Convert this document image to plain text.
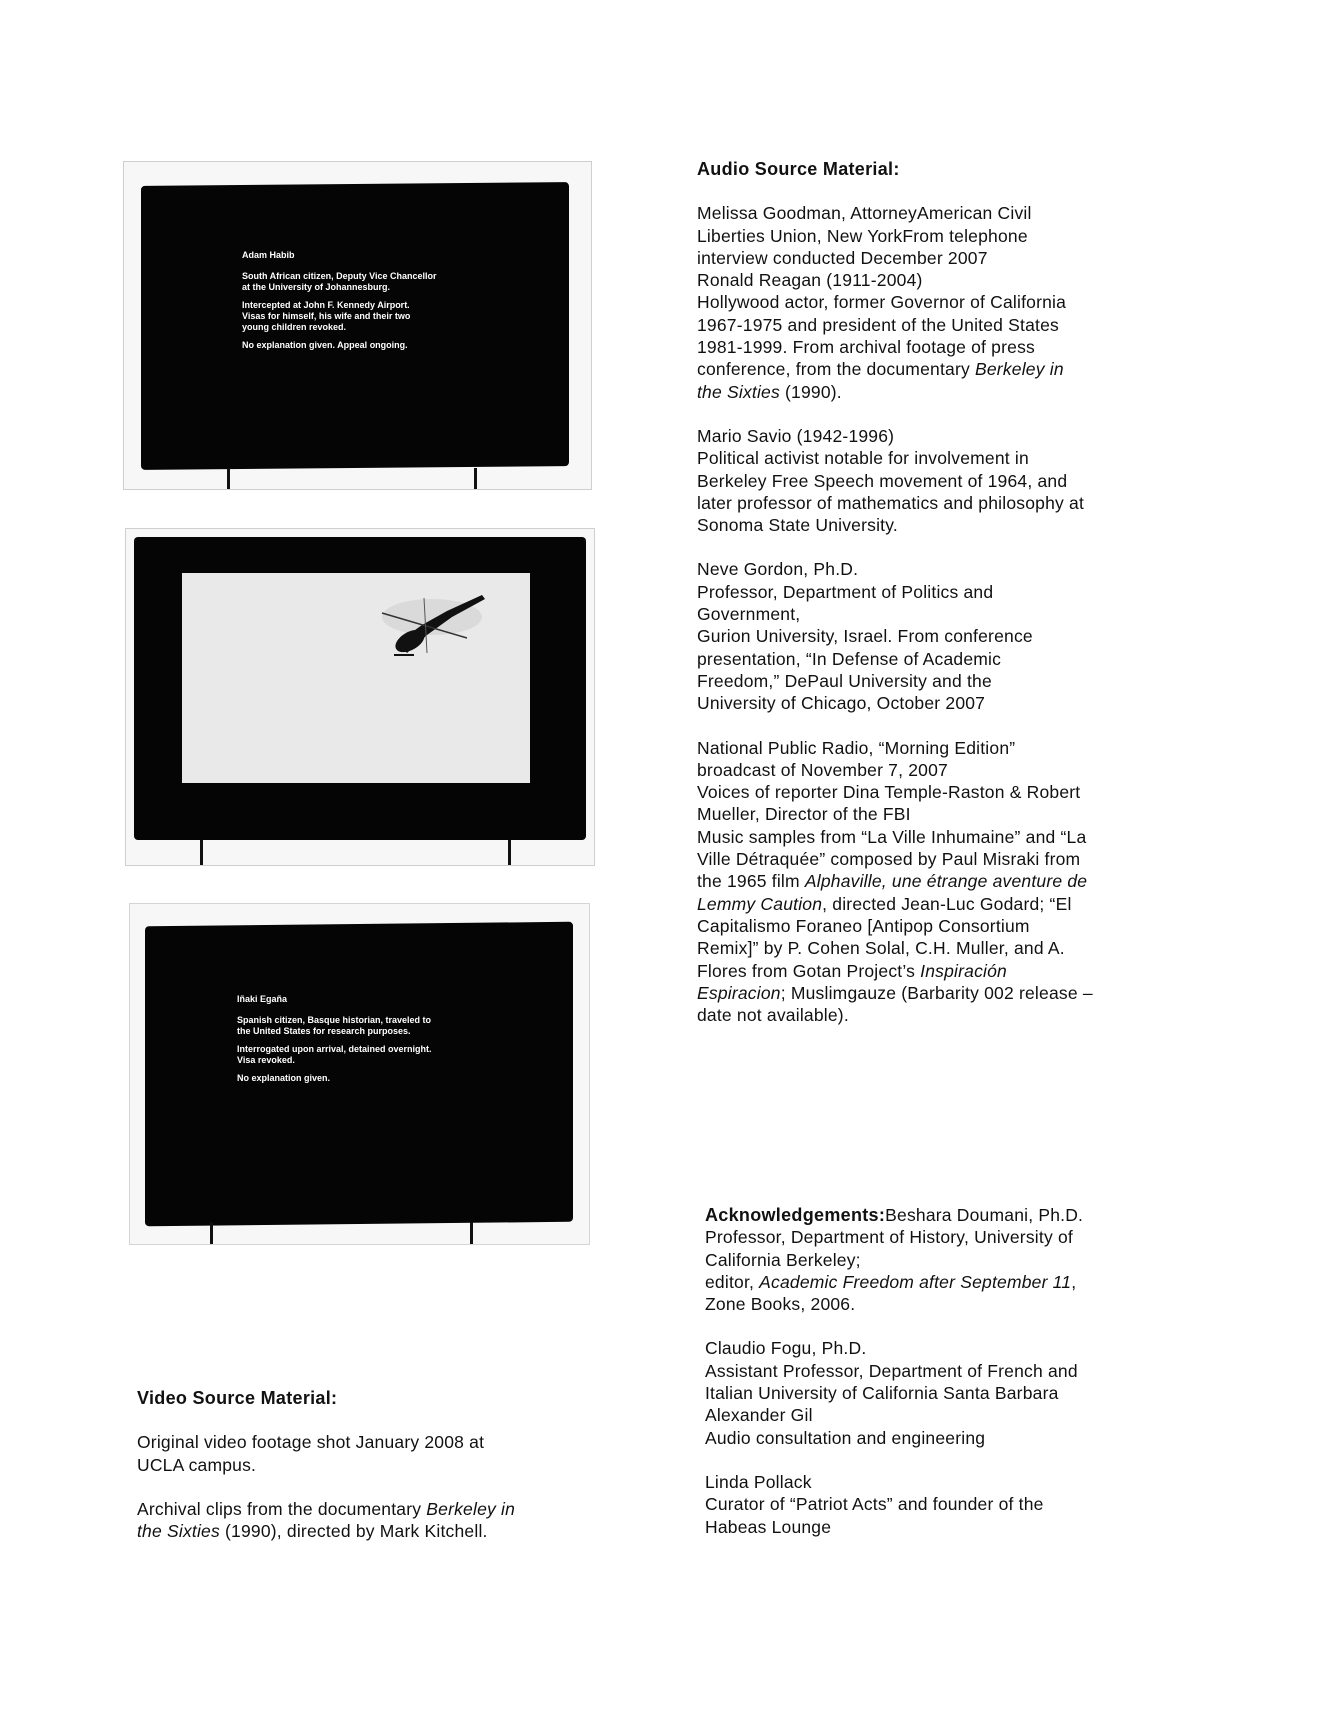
Adam Habib

South African citizen, Deputy Vice Chancellor

at the University of Johannesburg.

Intercepted at John F. Kennedy Airport.
Visas for himself, his wife and their two

young children revoked.

No explanation given. Appeal ongoing.

Iñaki Egaña

Spanish citizen, Basque historian, traveled to

the United States for research purposes.

Interrogated upon arrival, detained overnight.

Visa revoked.

No explanation given.

Audio Source Material:

Melissa Goodman, AttorneyAmerican Civil

Liberties Union, New YorkFrom telephone

interview conducted December 2007

Ronald Reagan (1911-2004)

Hollywood actor, former Governor of California

1967-1975 and president of the United States

1981-1999. From archival footage of press

conference, from the documentary Berkeley in

the Sixties (1990).

Mario Savio (1942-1996)

Political activist notable for involvement in

Berkeley Free Speech movement of 1964, and

later professor of mathematics and philosophy at

Sonoma State University.

Neve Gordon, Ph.D.

Professor, Department of Politics and

Government,

Gurion University, Israel. From conference

presentation, “In Defense of Academic

Freedom,” DePaul University and the

University of Chicago, October 2007

National Public Radio, “Morning Edition”

broadcast of November 7, 2007

Voices of reporter Dina Temple-Raston & Robert

Mueller, Director of the FBI

Music samples from “La Ville Inhumaine” and “La

Ville Détraquée” composed by Paul Misraki from

the 1965 film Alphaville, une étrange aventure de

Lemmy Caution, directed Jean-Luc Godard; “El

Capitalismo Foraneo [Antipop Consortium

Remix]” by P. Cohen Solal, C.H. Muller, and A.

Flores from Gotan Project’s Inspiración

Espiracion; Muslimgauze (Barbarity 002 release –

date not available).

Acknowledgements:Beshara Doumani, Ph.D.

Professor, Department of History, University of

California Berkeley;

editor, Academic Freedom after September 11,

Zone Books, 2006.

Claudio Fogu, Ph.D.

Assistant Professor, Department of French and

Italian University of California Santa Barbara

Alexander Gil

Audio consultation and engineering

Linda Pollack

Curator of “Patriot Acts” and founder of the

Habeas Lounge

Video Source Material:

Original video footage shot January 2008 at

UCLA campus.

Archival clips from the documentary Berkeley in

the Sixties (1990), directed by Mark Kitchell.
